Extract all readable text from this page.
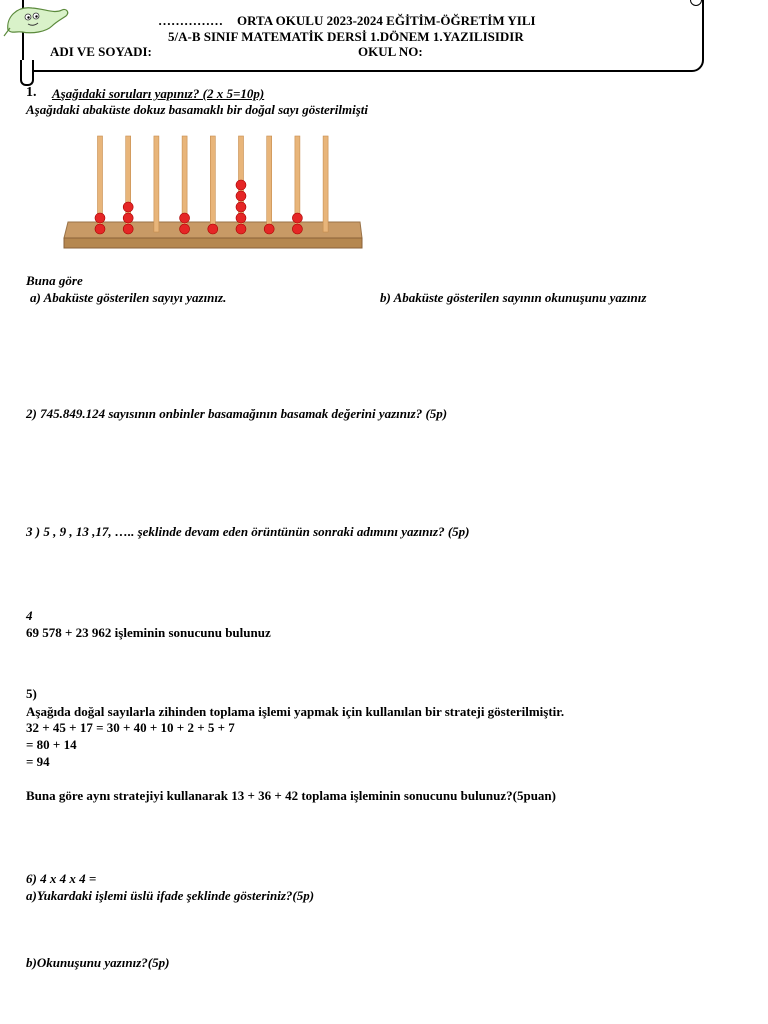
…………… ORTA OKULU 2023-2024 EĞİTİM-ÖĞRETİM YILI
5/A-B SINIF MATEMATİK DERSİ 1.DÖNEM 1.YAZILISIDIR
ADI VE SOYADI:	OKUL NO:
1. Aşağıdaki soruları yapınız? (2 x 5=10p)
Aşağıdaki abaküste dokuz basamaklı bir doğal sayı gösterilmişti
Buna göre
a) Abaküste gösterilen sayıyı yazınız.	b) Abaküste gösterilen sayının okunuşunu yazınız
2) 745.849.124 sayısının onbinler basamağının basamak değerini yazınız? (5p)
3 ) 5 , 9 , 13 ,17, ….. şeklinde devam eden örüntünün sonraki adımını yazınız? (5p)
4
69 578 + 23 962 işleminin sonucunu bulunuz
5)
Aşağıda doğal sayılarla zihinden toplama işlemi yapmak için kullanılan bir strateji gösterilmiştir.
32 + 45 + 17 = 30 + 40 + 10 + 2 + 5 + 7
= 80 + 14
= 94
Buna göre aynı stratejiyi kullanarak 13 + 36 + 42 toplama işleminin sonucunu bulunuz?(5puan)
6) 4 x 4 x 4 =
a)Yukardaki işlemi üslü ifade şeklinde gösteriniz?(5p)
b)Okunuşunu yazınız?(5p)
